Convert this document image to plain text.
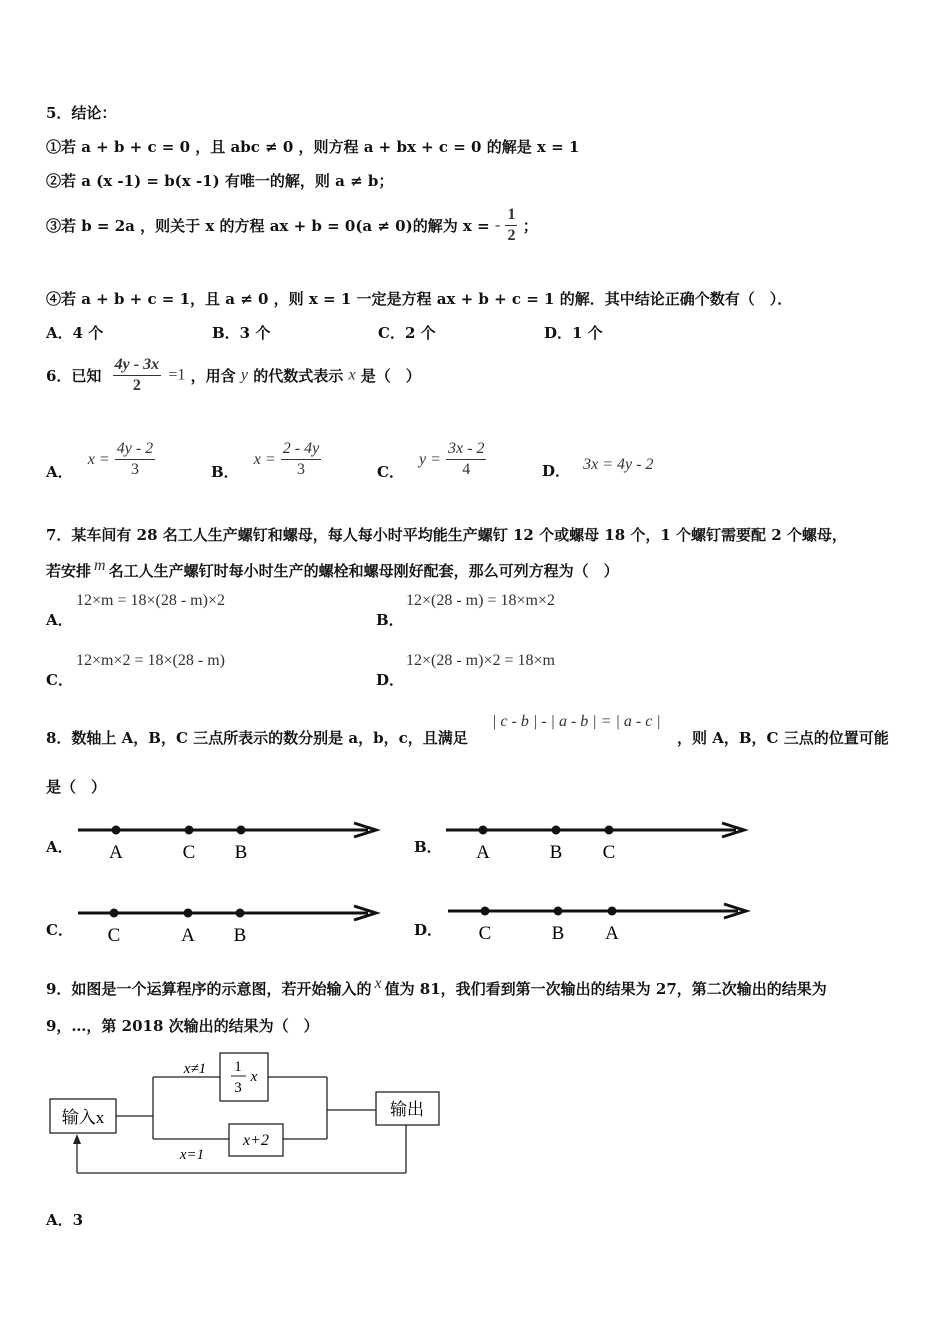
5．结论：
①若 a + b + c = 0 ，且 abc ≠ 0 ，则方程 a + bx + c = 0 的解是 x = 1
②若 a (x -1) = b(x -1) 有唯一的解，则 a ≠ b；
③若 b = 2a ，则关于 x 的方程 ax + b = 0(a ≠ 0)的解为 x = - $\frac{1}{2}$ ；
④若 a + b + c = 1，且 a ≠ 0 ，则 x = 1 一定是方程 ax + b + c = 1 的解．其中结论正确个数有（　）．
A．4 个	B．3 个	C．2 个	D．1 个
6．已知 $\frac{4y - 3x}{2} =1$ ，用含 y 的代数式表示 x 是（　）
A． $x = \frac{4y - 2}{3}$	B． $x = \frac{2 - 4y}{3}$	C． $y = \frac{3x - 2}{4}$	D． 3x = 4y - 2
7．某车间有 28 名工人生产螺钉和螺母，每人每小时平均能生产螺钉 12 个或螺母 18 个，1 个螺钉需要配 2 个螺母，
若安排 m 名工人生产螺钉时每小时生产的螺栓和螺母刚好配套，那么可列方程为（　）
A．
12×m = 18×(28 - m)×2
B．
12×(28 - m) = 18×m×2
C．
12×m×2 = 18×(28 - m)
D．
12×(28 - m)×2 = 18×m
8．数轴上 A，B，C 三点所表示的数分别是 a，b，c，且满足
| c - b | - | a - b | = | a - c |
，则 A，B，C 三点的位置可能
是（　）
A． A	C B	B． A	B C
C． C	A B	D． C	B A
9．如图是一个运算程序的示意图，若开始输入的 x 值为 81，我们看到第一次输出的结果为 27，第二次输出的结果为
9，…，第 2018 次输出的结果为（　）
输入x
x≠1
x=1
1
3
x
x+2
输出
A．3
